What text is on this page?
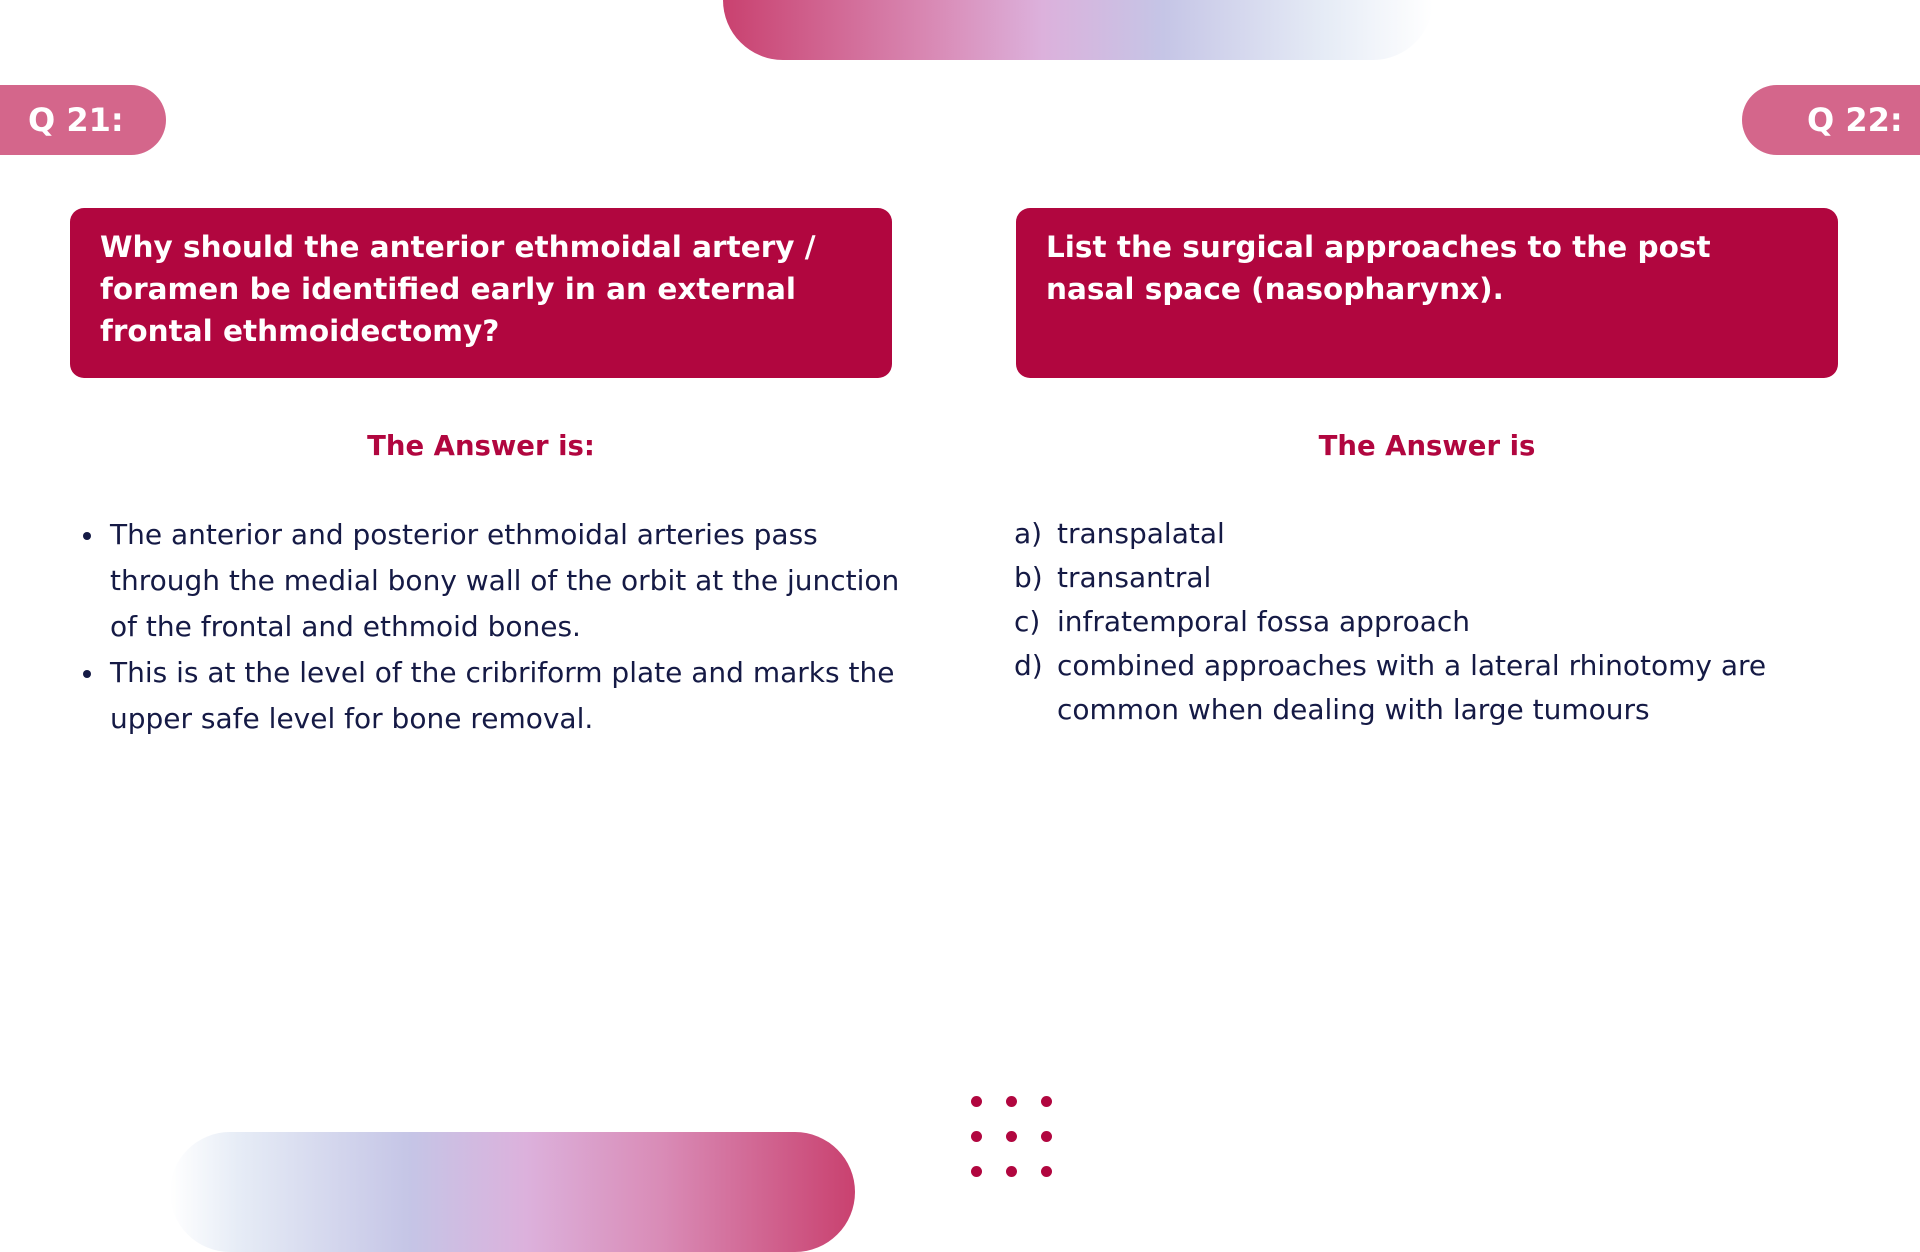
Q 21:
Why should the anterior ethmoidal artery / foramen be identified early in an external frontal ethmoidectomy?
The Answer is:
The anterior and posterior ethmoidal arteries pass through the medial bony wall of the orbit at the junction of the frontal and ethmoid bones.
This is at the level of the cribriform plate and marks the upper safe level for bone removal.
Q 22:
List the surgical approaches to the post nasal space (nasopharynx).
The Answer is
a) transpalatal
b) transantral
c) infratemporal fossa approach
d) combined approaches with a lateral rhinotomy are common when dealing with large tumours
